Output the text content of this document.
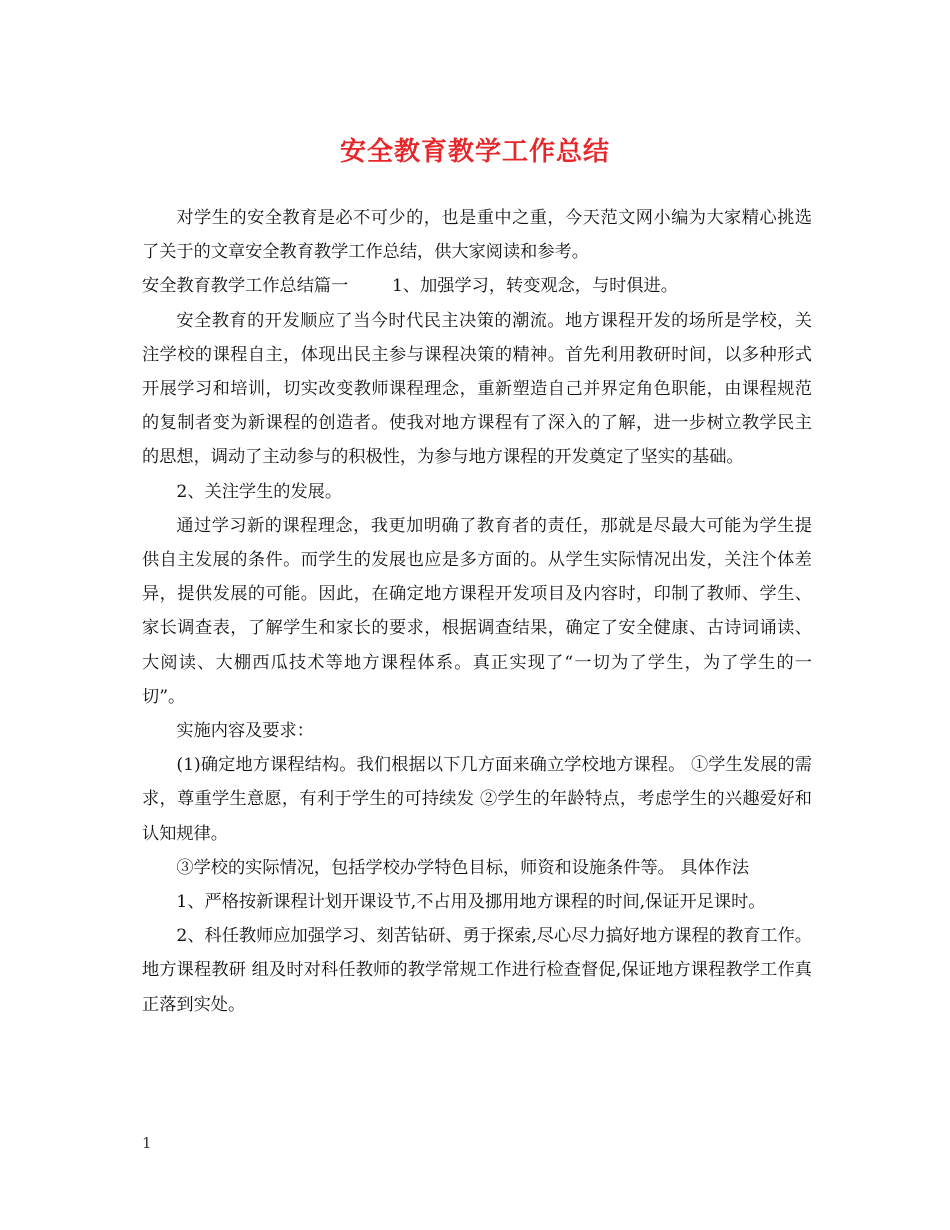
安全教育教学工作总结

对学生的安全教育是必不可少的，也是重中之重，今天范文网小编为大家精心挑选了关于的文章安全教育教学工作总结，供大家阅读和参考。

安全教育教学工作总结篇一        1、加强学习，转变观念，与时俱进。

安全教育的开发顺应了当今时代民主决策的潮流。地方课程开发的场所是学校，关注学校的课程自主，体现出民主参与课程决策的精神。首先利用教研时间，以多种形式开展学习和培训，切实改变教师课程理念，重新塑造自己并界定角色职能，由课程规范的复制者变为新课程的创造者。使我对地方课程有了深入的了解，进一步树立教学民主的思想，调动了主动参与的积极性，为参与地方课程的开发奠定了坚实的基础。

2、关注学生的发展。

通过学习新的课程理念，我更加明确了教育者的责任，那就是尽最大可能为学生提供自主发展的条件。而学生的发展也应是多方面的。从学生实际情况出发，关注个体差异，提供发展的可能。因此，在确定地方课程开发项目及内容时，印制了教师、学生、家长调查表，了解学生和家长的要求，根据调查结果，确定了安全健康、古诗词诵读、大阅读、大棚西瓜技术等地方课程体系。真正实现了“一切为了学生，为了学生的一切”。

实施内容及要求：

(1)确定地方课程结构。我们根据以下几方面来确立学校地方课程。 ①学生发展的需求，尊重学生意愿，有利于学生的可持续发 ②学生的年龄特点，考虑学生的兴趣爱好和认知规律。

③学校的实际情况，包括学校办学特色目标，师资和设施条件等。 具体作法

1、严格按新课程计划开课设节,不占用及挪用地方课程的时间,保证开足课时。

2、科任教师应加强学习、刻苦钻研、勇于探索,尽心尽力搞好地方课程的教育工作。地方课程教研 组及时对科任教师的教学常规工作进行检查督促,保证地方课程教学工作真正落到实处。

1
